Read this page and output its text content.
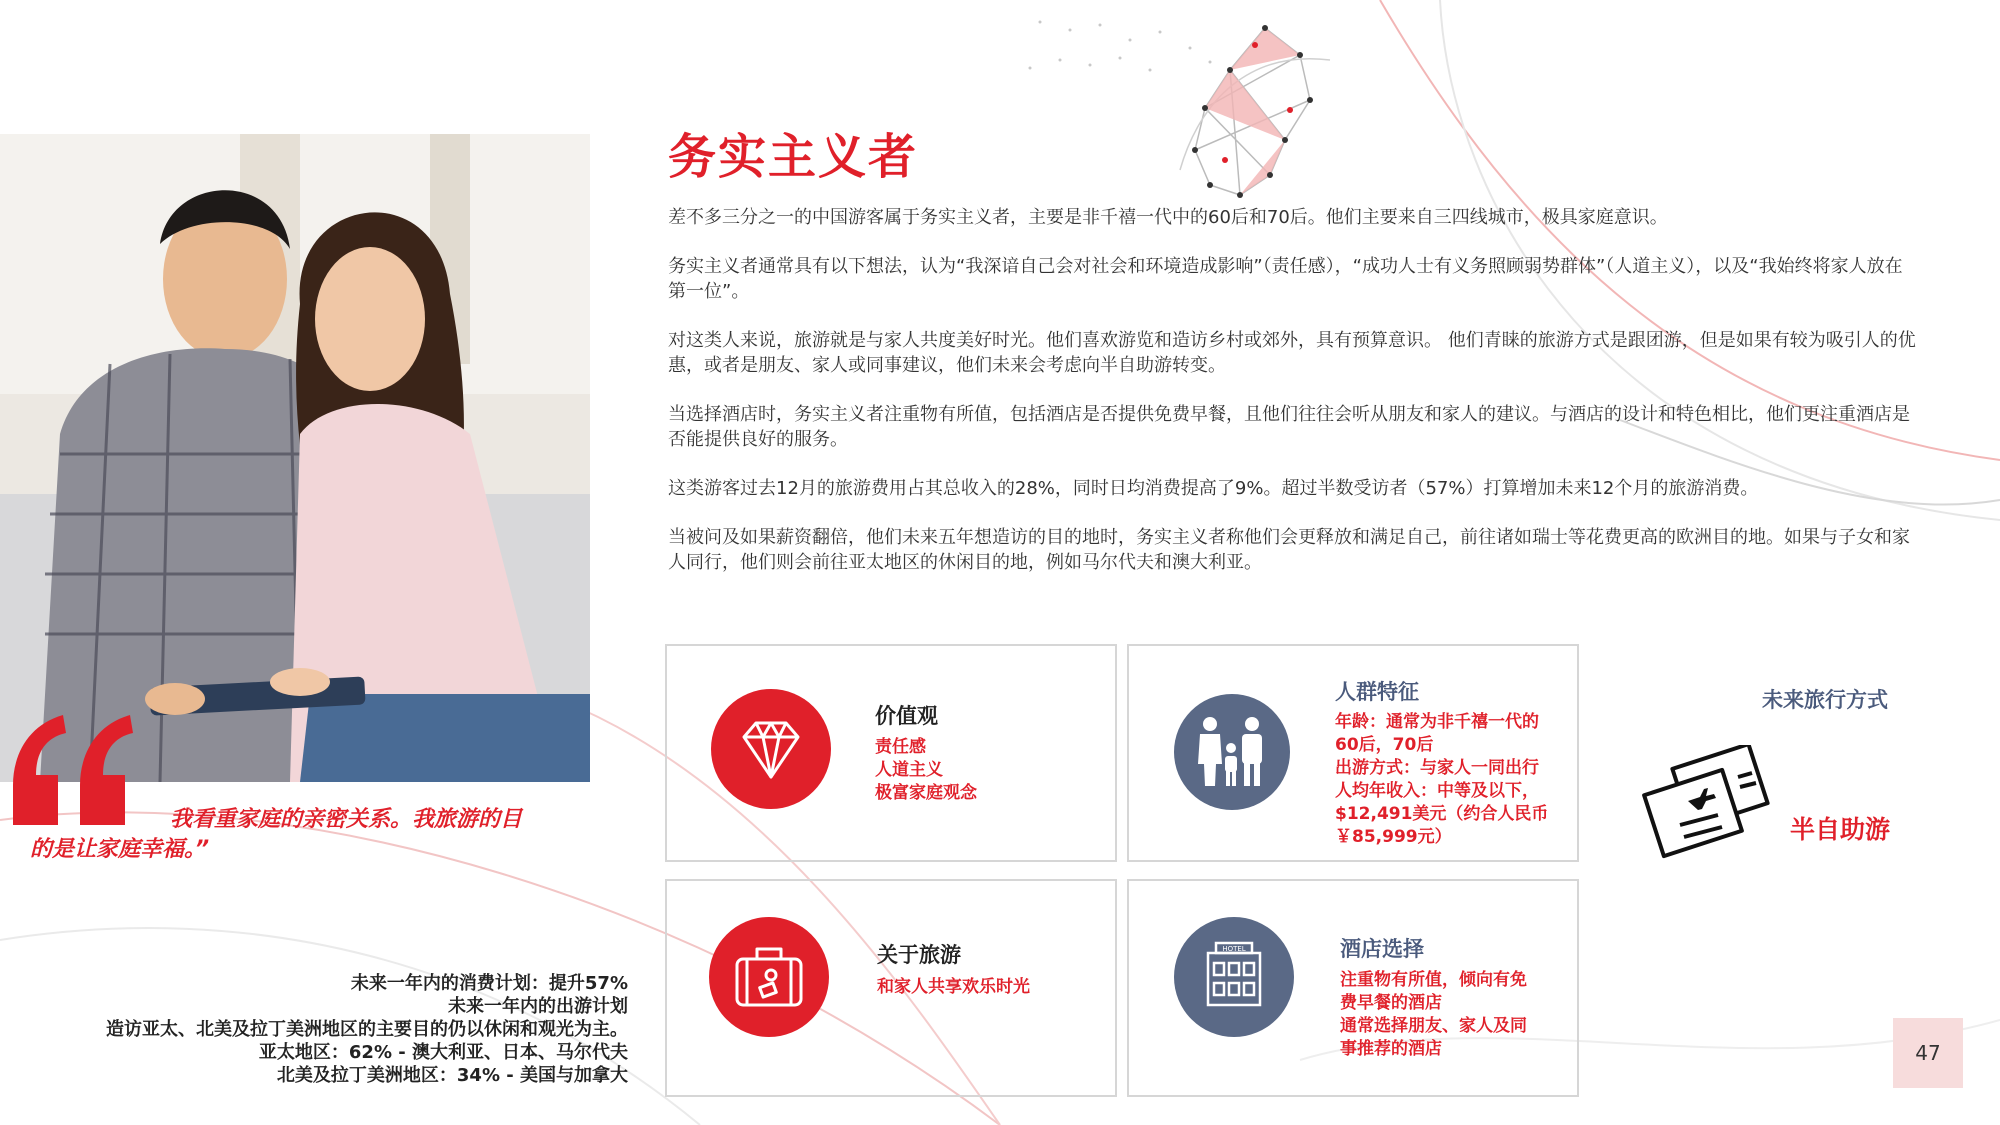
我看重家庭的亲密关系。我旅游的目
的是让家庭幸福。”
未来一年内的消费计划：提升57%
未来一年内的出游计划
造访亚太、北美及拉丁美洲地区的主要目的仍以休闲和观光为主。
亚太地区：62% - 澳大利亚、日本、马尔代夫
北美及拉丁美洲地区：34% - 美国与加拿大
务实主义者

差不多三分之一的中国游客属于务实主义者，主要是非千禧一代中的60后和70后。他们主要来自三四线城市，极具家庭意识。

务实主义者通常具有以下想法，认为“我深谙自己会对社会和环境造成影响”（责任感），“成功人士有义务照顾弱势群体”（人道主义），以及“我始终将家人放在第一位”。

对这类人来说，旅游就是与家人共度美好时光。他们喜欢游览和造访乡村或郊外，具有预算意识。 他们青睐的旅游方式是跟团游，但是如果有较为吸引人的优惠，或者是朋友、家人或同事建议，他们未来会考虑向半自助游转变。

当选择酒店时，务实主义者注重物有所值，包括酒店是否提供免费早餐，且他们往往会听从朋友和家人的建议。与酒店的设计和特色相比，他们更注重酒店是否能提供良好的服务。

这类游客过去12月的旅游费用占其总收入的28%，同时日均消费提高了9%。超过半数受访者（57%）打算增加未来12个月的旅游消费。

当被问及如果薪资翻倍，他们未来五年想造访的目的地时，务实主义者称他们会更释放和满足自己，前往诸如瑞士等花费更高的欧洲目的地。如果与子女和家人同行，他们则会前往亚太地区的休闲目的地，例如马尔代夫和澳大利亚。

价值观
责任感
人道主义
极富家庭观念
人群特征
年龄：通常为非千禧一代的
60后，70后
出游方式：与家人一同出行
人均年收入：中等及以下，
$12,491美元（约合人民币
￥85,999元）
关于旅游
和家人共享欢乐时光
HOTEL	酒店选择
注重物有所值，倾向有免
费早餐的酒店
通常选择朋友、家人及同
事推荐的酒店
未来旅行方式
半自助游
47
